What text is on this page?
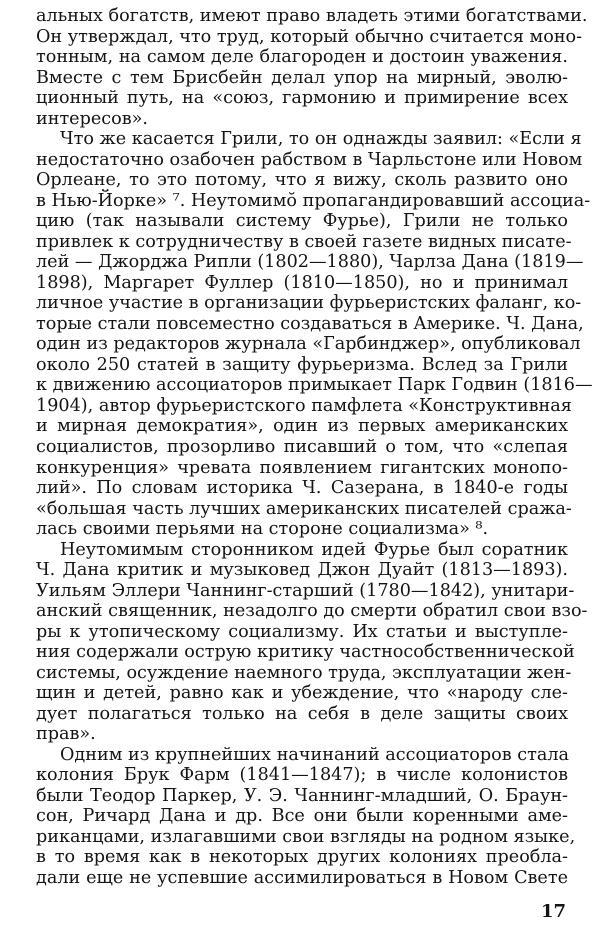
альных богатств, имеют право владеть этими богатствами.

Он утверждал, что труд, который обычно считается моно-

тонным, на самом деле благороден и достоин уважения.

Вместе с тем Брисбейн делал упор на мирный, эволю-

ционный путь, на «союз, гармонию и примирение всех

интересов».

Что же касается Грили, то он однажды заявил: «Если я

недостаточно озабочен рабством в Чарльстоне или Новом

Орлеане, то это потому, что я вижу, сколь развито оно

в Нью-Йорке» ⁷. Неутомимо̆ пропагандировавший ассоциа-

цию (так называли систему Фурье), Грили не только

привлек к сотрудничеству в своей газете видных писате-

лей — Джорджа Рипли (1802—1880), Чарлза Дана (1819—

1898), Маргарет Фуллер (1810—1850), но и принимал

личное участие в организации фурьеристских фаланг, ко-

торые стали повсеместно создаваться в Америке. Ч. Дана,

один из редакторов журнала «Гарбинджер», опубликовал

около 250 статей в защиту фурьеризма. Вслед за Грили

к движению ассоциаторов примыкает Парк Годвин (1816—

1904), автор фурьеристского памфлета «Конструктивная

и мирная демократия», один из первых американских

социалистов, прозорливо писавший о том, что «слепая

конкуренция» чревата появлением гигантских монопо-

лий». По словам историка Ч. Сазерана, в 1840-е годы

«большая часть лучших американских писателей сража-

лась своими перьями на стороне социализма» ⁸.

Неутомимым сторонником идей Фурье был соратник

Ч. Дана критик и музыковед Джон Дуайт (1813—1893).

Уильям Эллери Чаннинг-старший (1780—1842), унитари-

анский священник, незадолго до смерти обратил свои взо-

ры к утопическому социализму. Их статьи и выступле-

ния содержали острую критику частнособственнической

системы, осуждение наемного труда, эксплуатации жен-

щин и детей, равно как и убеждение, что «народу сле-

дует полагаться только на себя в деле защиты своих

прав».

Одним из крупнейших начинаний ассоциаторов стала

колония Брук Фарм (1841—1847); в числе колонистов

были Теодор Паркер, У. Э. Чаннинг-младший, О. Браун-

сон, Ричард Дана и др. Все они были коренными аме-

риканцами, излагавшими свои взгляды на родном языке,

в то время как в некоторых других колониях преобла-

дали еще не успевшие ассимилироваться в Новом Свете

17
